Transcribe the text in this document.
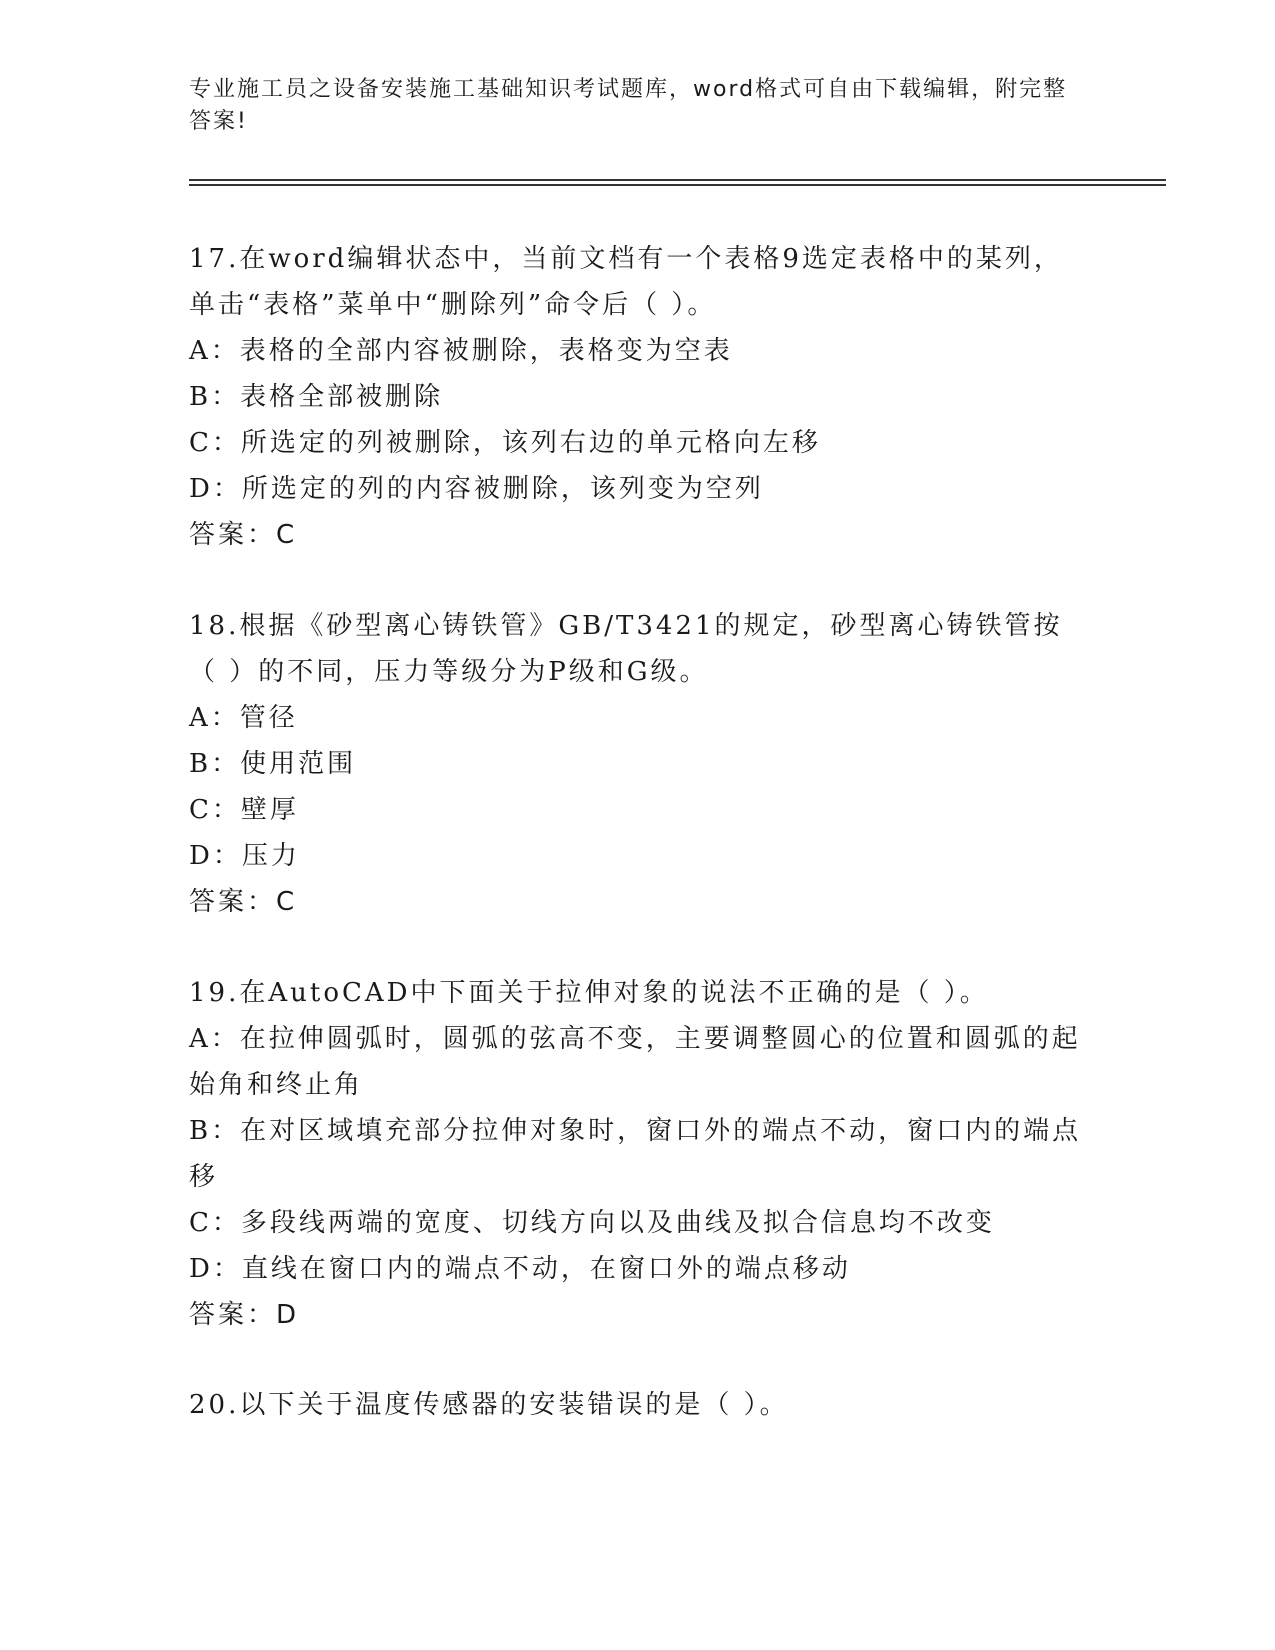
专业施工员之设备安装施工基础知识考试题库，word格式可自由下载编辑，附完整答案!
17.在word编辑状态中，当前文档有一个表格9选定表格中的某列，单击“表格”菜单中“删除列”命令后（ ）。
A：表格的全部内容被删除，表格变为空表
B：表格全部被删除
C：所选定的列被删除，该列右边的单元格向左移
D：所选定的列的内容被删除，该列变为空列
答案：C
18.根据《砂型离心铸铁管》GB/T3421的规定，砂型离心铸铁管按（ ）的不同，压力等级分为P级和G级。
A：管径
B：使用范围
C：壁厚
D：压力
答案：C
19.在AutoCAD中下面关于拉伸对象的说法不正确的是（ ）。
A：在拉伸圆弧时，圆弧的弦高不变，主要调整圆心的位置和圆弧的起始角和终止角
B：在对区域填充部分拉伸对象时，窗口外的端点不动，窗口内的端点移
C：多段线两端的宽度、切线方向以及曲线及拟合信息均不改变
D：直线在窗口内的端点不动，在窗口外的端点移动
答案：D
20.以下关于温度传感器的安装错误的是（ ）。
